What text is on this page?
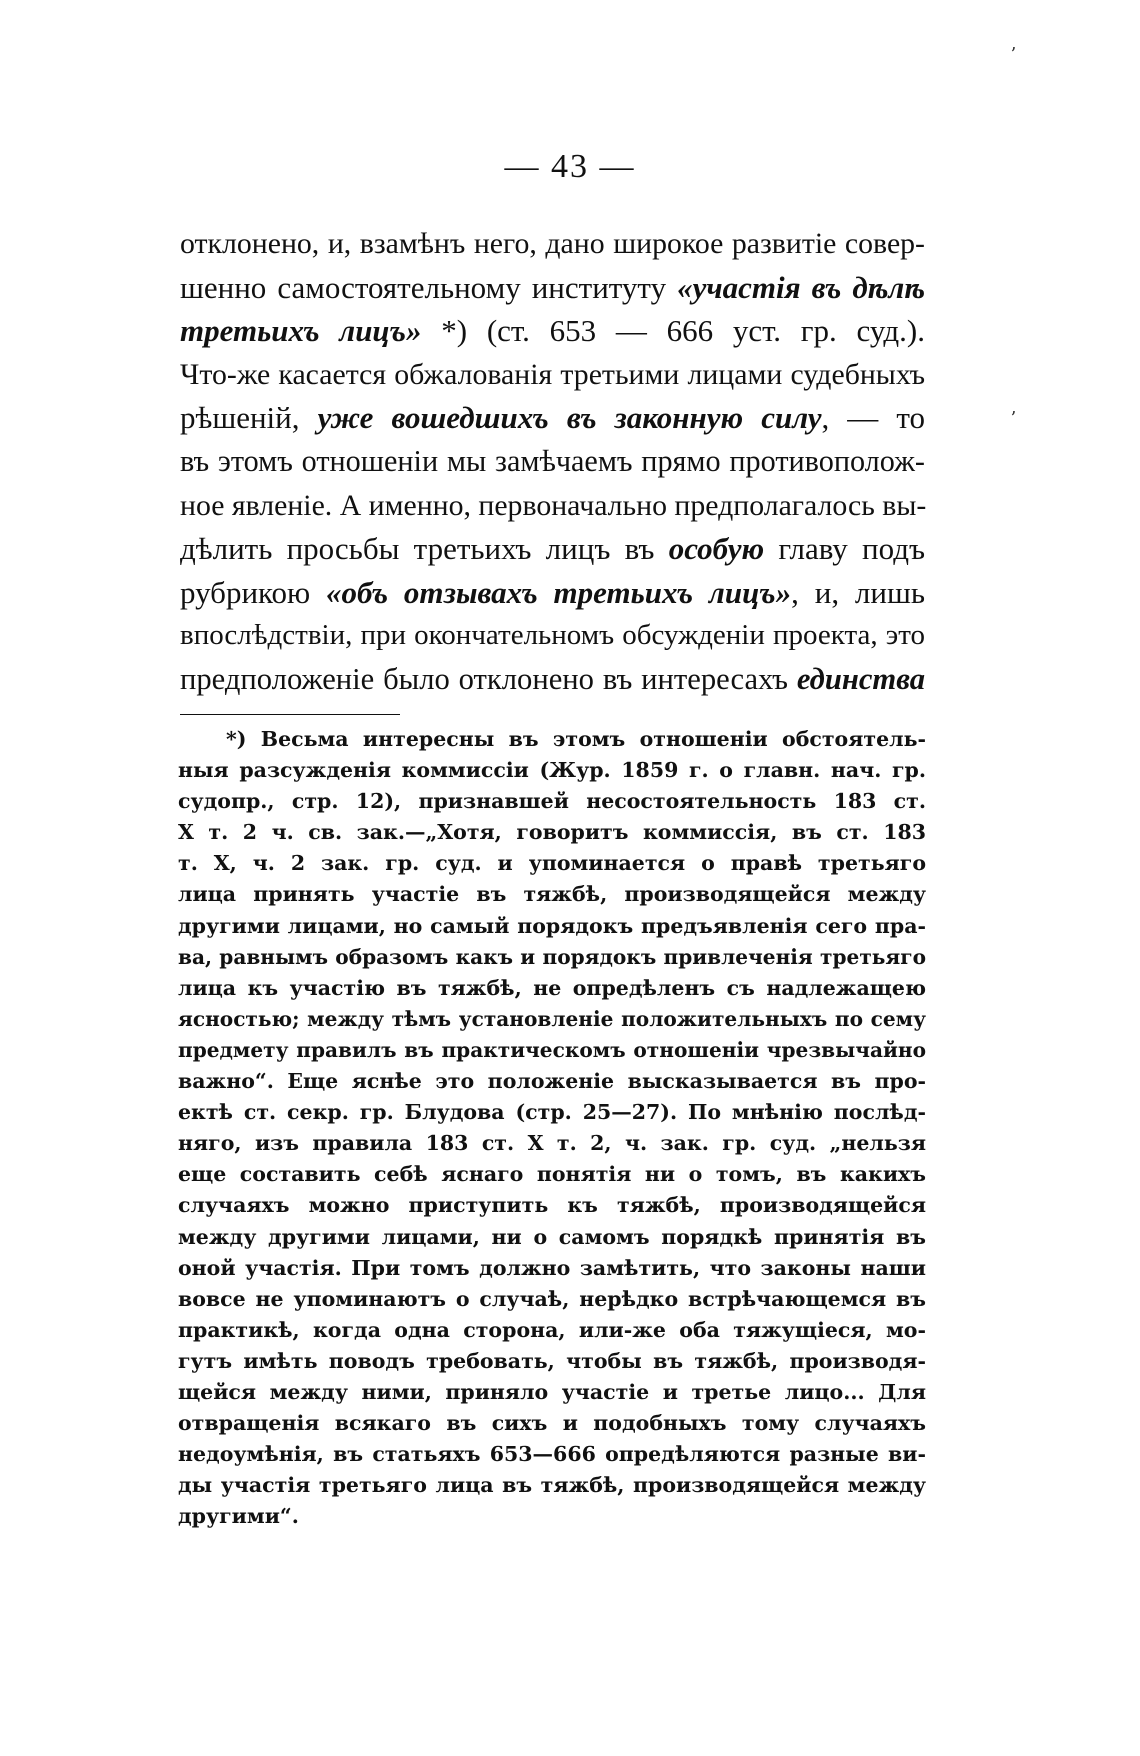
— 43 —
ʼ
ʼ
отклонено, и, взамѣнъ него, дано широкое развитіе совер-
шенно самостоятельному институту «участія въ дѣлѣ
третьихъ лицъ» *) (ст. 653 — 666 уст. гр. суд.).
Что-же касается обжалованія третьими лицами судебныхъ
рѣшеній, уже вошедшихъ въ законную силу, — то
въ этомъ отношеніи мы замѣчаемъ прямо противополож-
ное явленіе. А именно, первоначально предполагалось вы-
дѣлить просьбы третьихъ лицъ въ особую главу подъ
рубрикою «объ отзывахъ третьихъ лицъ», и, лишь
впослѣдствіи, при окончательномъ обсужденіи проекта, это
предположеніе было отклонено въ интересахъ единства
*) Весьма интересны въ этомъ отношеніи обстоятель-
ныя разсужденія коммиссіи (Жур. 1859 г. о главн. нач. гр.
судопр., стр. 12), признавшей несостоятельность 183 ст.
X т. 2 ч. св. зак.—„Хотя, говоритъ коммиссія, въ ст. 183
т. X, ч. 2 зак. гр. суд. и упоминается о правѣ третьяго
лица принять участіе въ тяжбѣ, производящейся между
другими лицами, но самый порядокъ предъявленія сего пра-
ва, равнымъ образомъ какъ и порядокъ привлеченія третьяго
лица къ участію въ тяжбѣ, не опредѣленъ съ надлежащею
ясностью; между тѣмъ установленіе положительныхъ по сему
предмету правилъ въ практическомъ отношеніи чрезвычайно
важно“. Еще яснѣе это положеніе высказывается въ про-
ектѣ ст. секр. гр. Блудова (стр. 25—27). По мнѣнію послѣд-
няго, изъ правила 183 ст. X т. 2, ч. зак. гр. суд. „нельзя
еще составить себѣ яснаго понятія ни о томъ, въ какихъ
случаяхъ можно приступить къ тяжбѣ, производящейся
между другими лицами, ни о самомъ порядкѣ принятія въ
оной участія. При томъ должно замѣтить, что законы наши
вовсе не упоминаютъ о случаѣ, нерѣдко встрѣчающемся въ
практикѣ, когда одна сторона, или-же оба тяжущіеся, мо-
гутъ имѣть поводъ требовать, чтобы въ тяжбѣ, производя-
щейся между ними, приняло участіе и третье лицо... Для
отвращенія всякаго въ сихъ и подобныхъ тому случаяхъ
недоумѣнія, въ статьяхъ 653—666 опредѣляются разные ви-
ды участія третьяго лица въ тяжбѣ, производящейся между
другими“.
